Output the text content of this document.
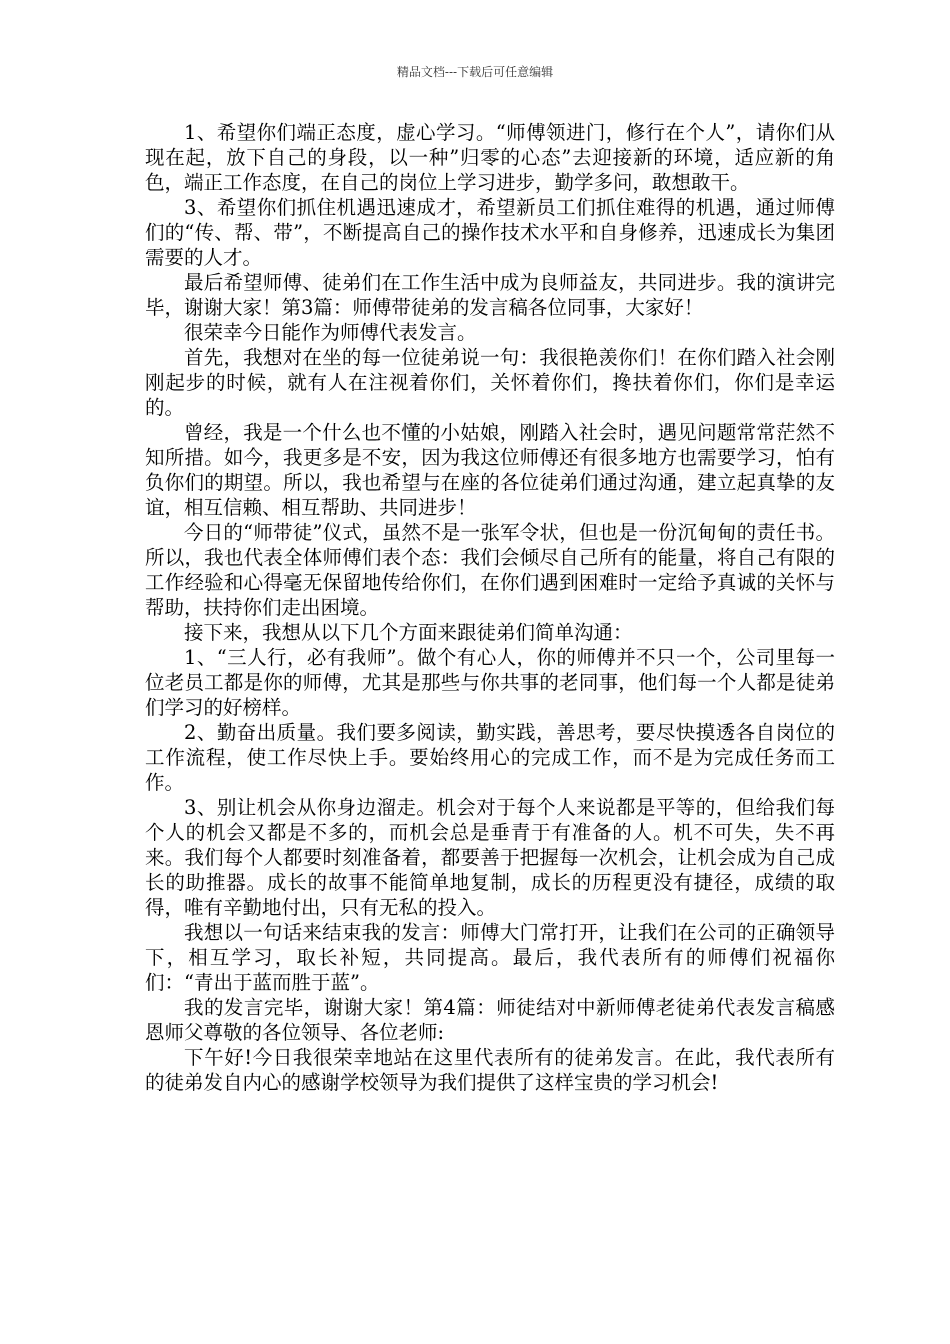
精品文档---下载后可任意编辑

1、希望你们端正态度，虚心学习。“师傅领进门，修行在个人”，请你们从现在起，放下自己的身段，以一种”归零的心态”去迎接新的环境，适应新的角色，端正工作态度，在自己的岗位上学习进步，勤学多问，敢想敢干。

3、希望你们抓住机遇迅速成才，希望新员工们抓住难得的机遇，通过师傅们的“传、帮、带”，不断提高自己的操作技术水平和自身修养，迅速成长为集团需要的人才。

最后希望师傅、徒弟们在工作生活中成为良师益友，共同进步。我的演讲完毕，谢谢大家！第3篇：师傅带徒弟的发言稿各位同事，大家好！

很荣幸今日能作为师傅代表发言。

首先，我想对在坐的每一位徒弟说一句：我很艳羡你们！在你们踏入社会刚刚起步的时候，就有人在注视着你们，关怀着你们，搀扶着你们，你们是幸运的。

曾经，我是一个什么也不懂的小姑娘，刚踏入社会时，遇见问题常常茫然不知所措。如今，我更多是不安，因为我这位师傅还有很多地方也需要学习，怕有负你们的期望。所以，我也希望与在座的各位徒弟们通过沟通，建立起真挚的友谊，相互信赖、相互帮助、共同进步！

今日的“师带徒”仪式，虽然不是一张军令状，但也是一份沉甸甸的责任书。所以，我也代表全体师傅们表个态：我们会倾尽自己所有的能量，将自己有限的工作经验和心得毫无保留地传给你们，在你们遇到困难时一定给予真诚的关怀与帮助，扶持你们走出困境。

接下来，我想从以下几个方面来跟徒弟们简单沟通：

1、“三人行，必有我师”。做个有心人，你的师傅并不只一个，公司里每一位老员工都是你的师傅，尤其是那些与你共事的老同事，他们每一个人都是徒弟们学习的好榜样。

2、勤奋出质量。我们要多阅读，勤实践，善思考，要尽快摸透各自岗位的工作流程，使工作尽快上手。要始终用心的完成工作，而不是为完成任务而工作。

3、别让机会从你身边溜走。机会对于每个人来说都是平等的，但给我们每个人的机会又都是不多的，而机会总是垂青于有准备的人。机不可失，失不再来。我们每个人都要时刻准备着，都要善于把握每一次机会，让机会成为自己成长的助推器。成长的故事不能简单地复制，成长的历程更没有捷径，成绩的取得，唯有辛勤地付出，只有无私的投入。

我想以一句话来结束我的发言：师傅大门常打开，让我们在公司的正确领导下，相互学习，取长补短，共同提高。最后，我代表所有的师傅们祝福你们：“青出于蓝而胜于蓝”。

我的发言完毕，谢谢大家！第4篇：师徒结对中新师傅老徒弟代表发言稿感恩师父尊敬的各位领导、各位老师:

下午好!今日我很荣幸地站在这里代表所有的徒弟发言。在此，我代表所有的徒弟发自内心的感谢学校领导为我们提供了这样宝贵的学习机会!
